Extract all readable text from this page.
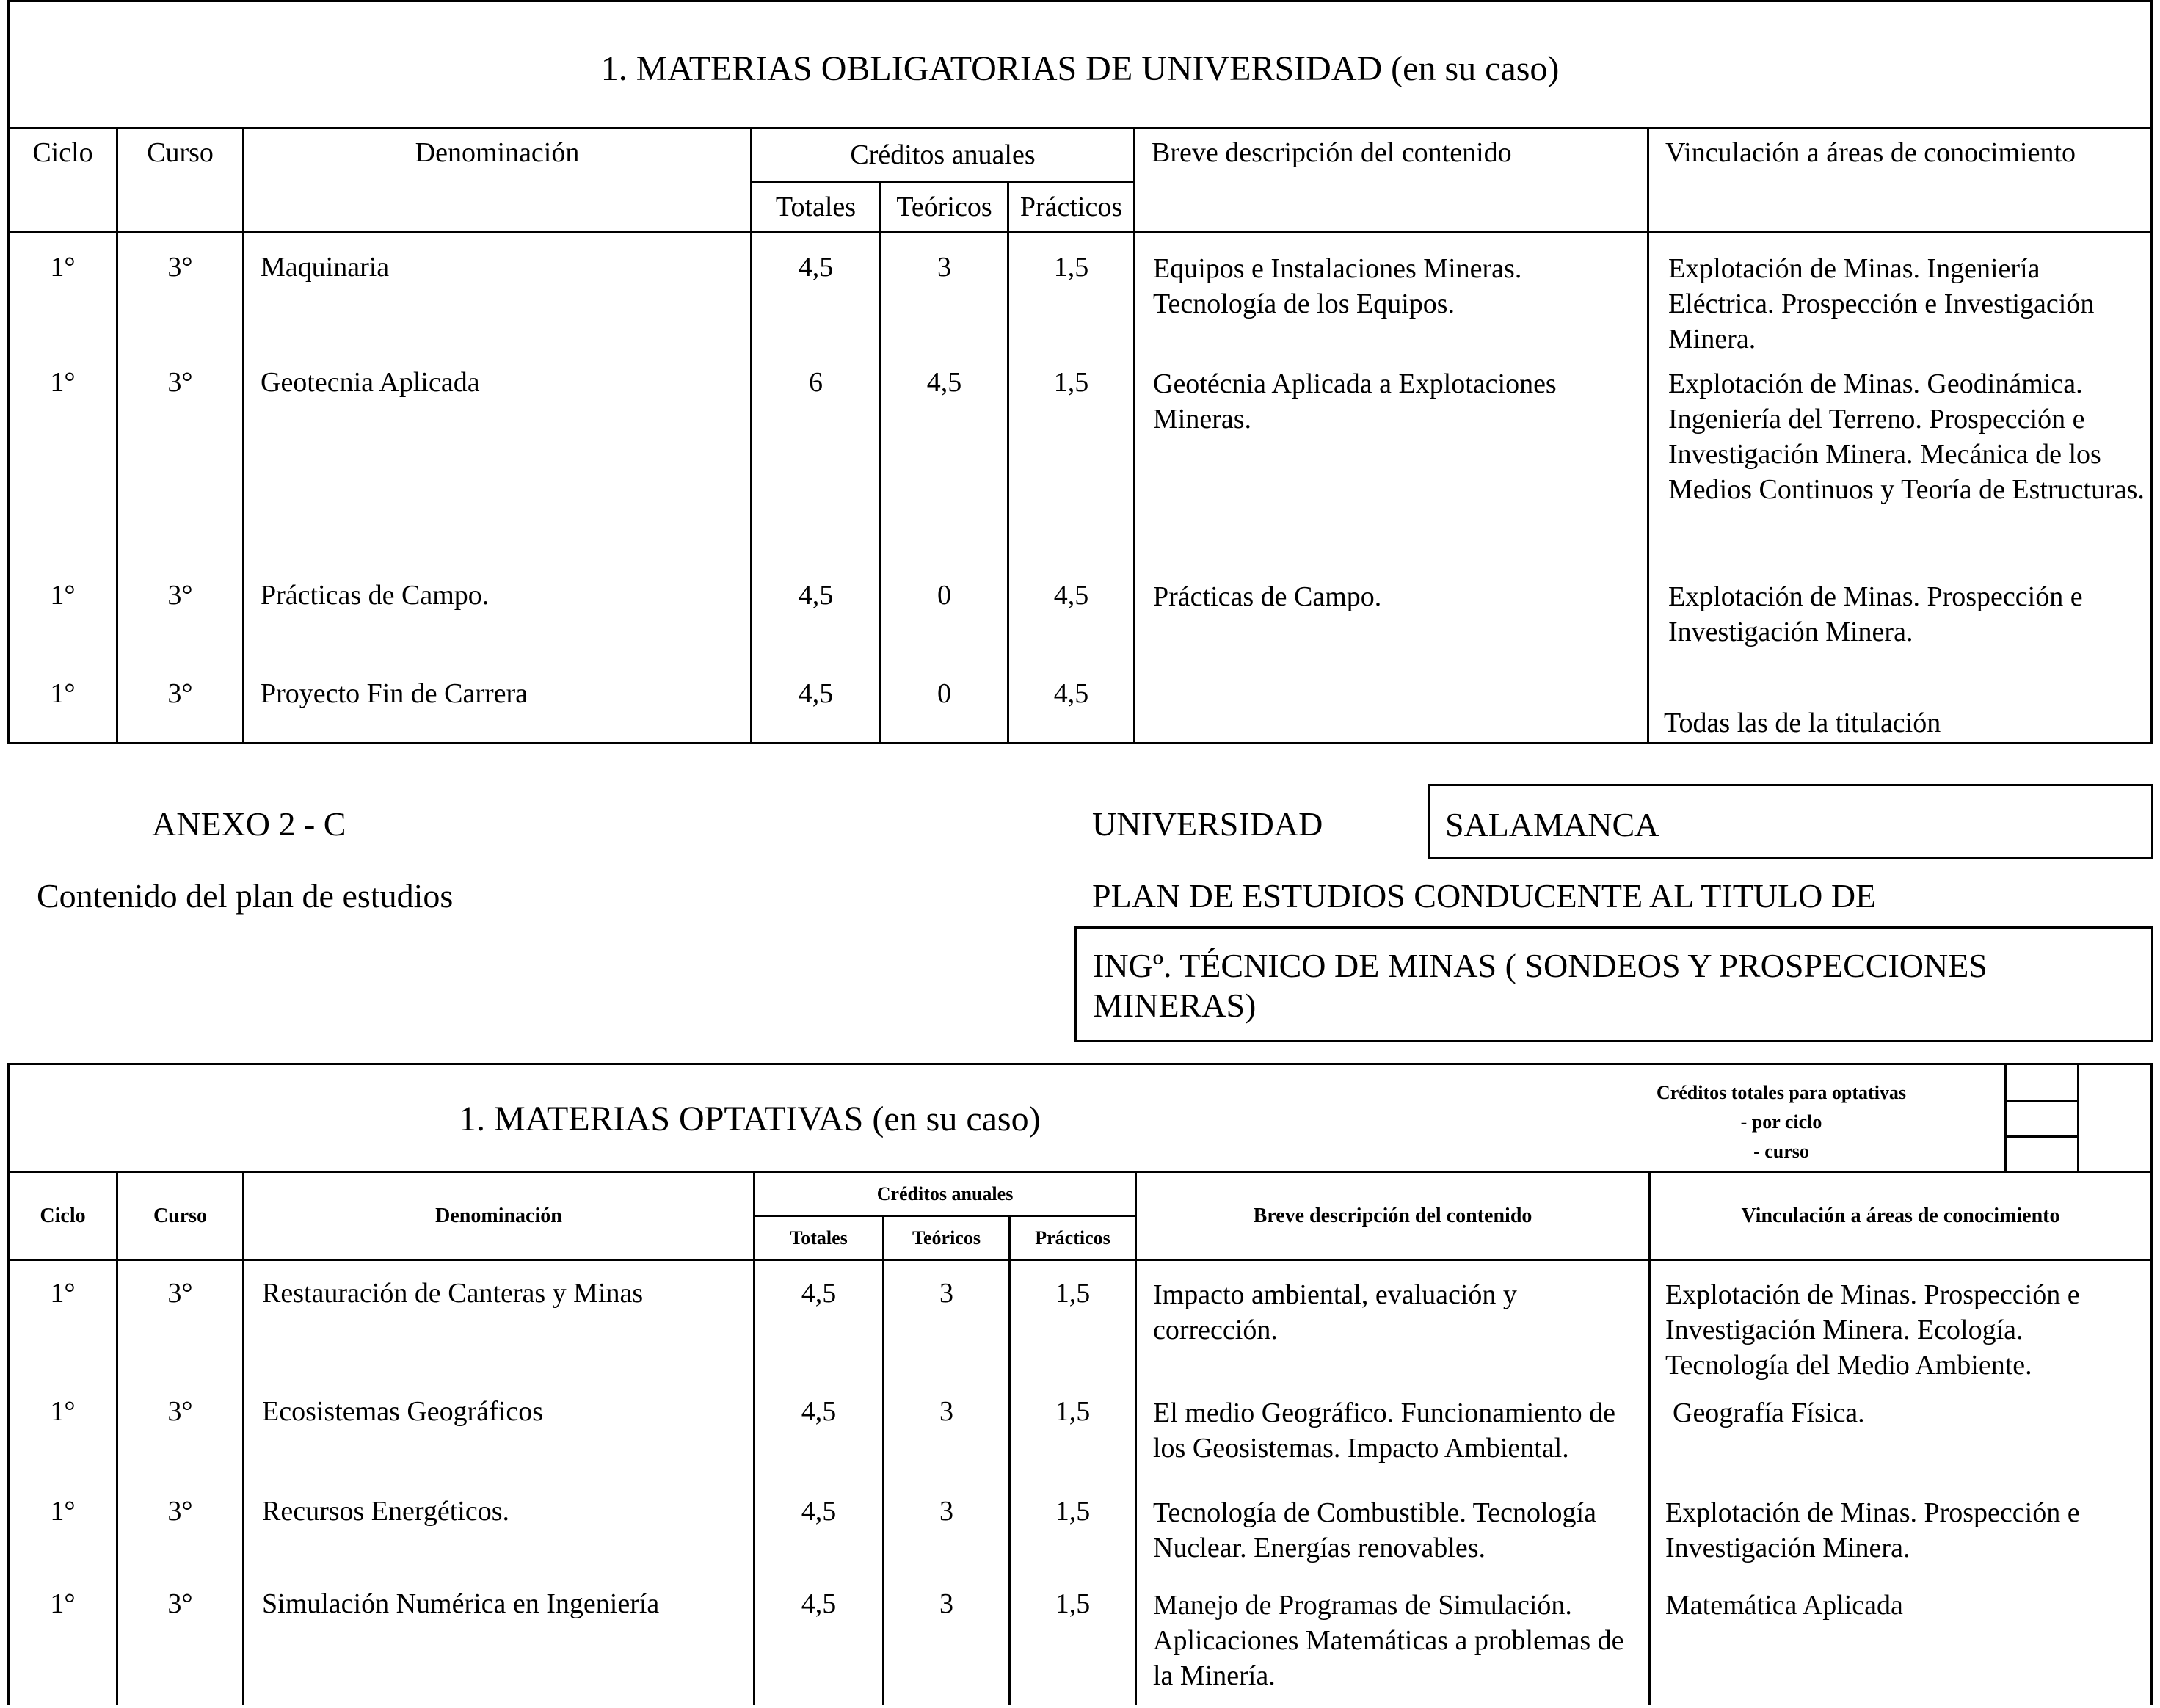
1. MATERIAS OBLIGATORIAS DE UNIVERSIDAD (en su caso)							
Ciclo	Curso	Denominación	Créditos anuales			Breve descripción del contenido	Vinculación a áreas de conocimiento
			Totales	Teóricos	Prácticos		
1°	3°	Maquinaria	4,5	3	1,5	Equipos e Instalaciones Mineras. Tecnología de los Equipos.	Explotación de Minas. Ingeniería Eléctrica. Prospección e Investigación Minera.
1°	3°	Geotecnia Aplicada	6	4,5	1,5	Geotécnia Aplicada a Explotaciones Mineras.	Explotación de Minas. Geodinámica. Ingeniería del Terreno. Prospección e Investigación Minera. Mecánica de los Medios Continuos y Teoría de Estructuras.
1°	3°	Prácticas de Campo.	4,5	0	4,5	Prácticas de Campo.	Explotación de Minas. Prospección e Investigación Minera.
1°	3°	Proyecto Fin de Carrera	4,5	0	4,5		Todas las de la titulación
ANEXO 2 - C
Contenido del plan de estudios
UNIVERSIDAD	SALAMANCA
PLAN DE ESTUDIOS CONDUCENTE AL TITULO DE
INGº. TÉCNICO DE MINAS ( SONDEOS Y PROSPECCIONES MINERAS)
1. MATERIAS OPTATIVAS (en su caso)
Créditos totales para optativas
- por ciclo
- curso							

Ciclo	Curso	Denominación	Créditos anuales			Breve descripción del contenido	Vinculación a áreas de conocimiento
			Totales	Teóricos	Prácticos		
1°	3°	Restauración de Canteras y Minas	4,5	3	1,5	Impacto ambiental, evaluación y corrección.	Explotación de Minas. Prospección e Investigación Minera. Ecología. Tecnología del Medio Ambiente.
1°	3°	Ecosistemas Geográficos	4,5	3	1,5	El medio Geográfico. Funcionamiento de los Geosistemas. Impacto Ambiental.	Geografía Física.
1°	3°	Recursos Energéticos.	4,5	3	1,5	Tecnología de Combustible. Tecnología Nuclear. Energías renovables.	Explotación de Minas. Prospección e Investigación Minera.
1°	3°	Simulación Numérica en Ingeniería	4,5	3	1,5	Manejo de Programas de Simulación. Aplicaciones Matemáticas a problemas de la Minería.	Matemática Aplicada
